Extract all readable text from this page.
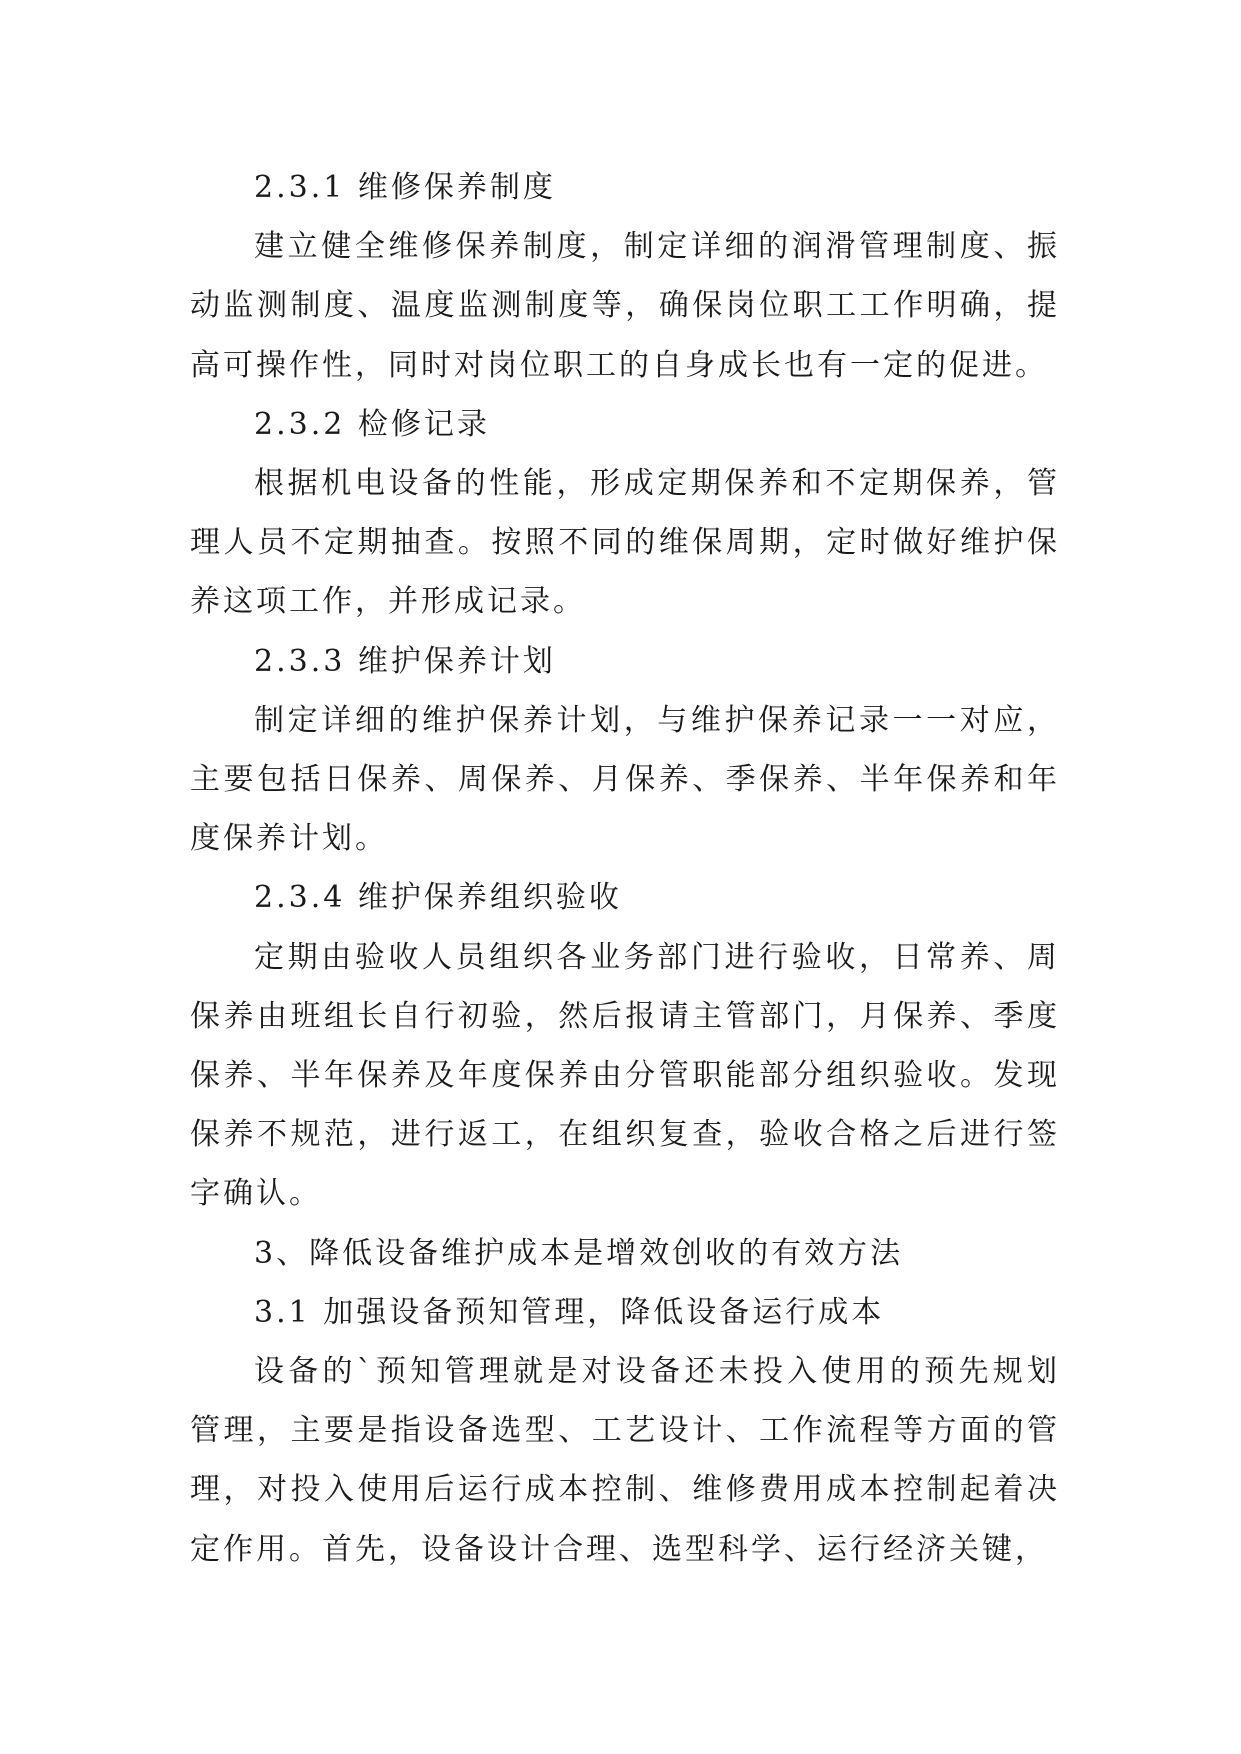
2.3.1 维修保养制度

建立健全维修保养制度，制定详细的润滑管理制度、振动监测制度、温度监测制度等，确保岗位职工工作明确，提高可操作性，同时对岗位职工的自身成长也有一定的促进。

2.3.2 检修记录

根据机电设备的性能，形成定期保养和不定期保养，管理人员不定期抽查。按照不同的维保周期，定时做好维护保养这项工作，并形成记录。

2.3.3 维护保养计划

制定详细的维护保养计划，与维护保养记录一一对应，主要包括日保养、周保养、月保养、季保养、半年保养和年度保养计划。

2.3.4 维护保养组织验收

定期由验收人员组织各业务部门进行验收，日常养、周保养由班组长自行初验，然后报请主管部门，月保养、季度保养、半年保养及年度保养由分管职能部分组织验收。发现保养不规范，进行返工，在组织复查，验收合格之后进行签字确认。

3、降低设备维护成本是增效创收的有效方法

3.1 加强设备预知管理，降低设备运行成本

设备的`预知管理就是对设备还未投入使用的预先规划管理，主要是指设备选型、工艺设计、工作流程等方面的管理，对投入使用后运行成本控制、维修费用成本控制起着决定作用。首先，设备设计合理、选型科学、运行经济关键，
